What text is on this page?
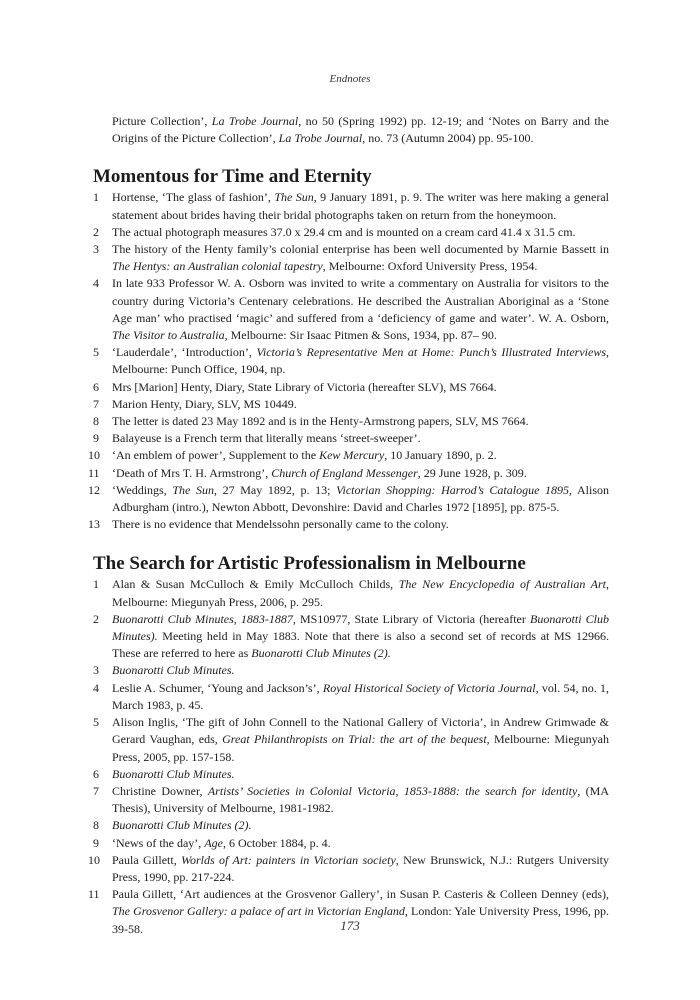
Endnotes

Picture Collection’, La Trobe Journal, no 50 (Spring 1992) pp. 12-19; and ‘Notes on Barry and the Origins of the Picture Collection’, La Trobe Journal, no. 73 (Autumn 2004) pp. 95-100.

Momentous for Time and Eternity
1	Hortense, ‘The glass of fashion’, The Sun, 9 January 1891, p. 9. The writer was here making a general statement about brides having their bridal photographs taken on return from the honeymoon.
2	The actual photograph measures 37.0 x 29.4 cm and is mounted on a cream card 41.4 x 31.5 cm.
3	The history of the Henty family’s colonial enterprise has been well documented by Marnie Bassett in The Hentys: an Australian colonial tapestry, Melbourne: Oxford University Press, 1954.
4	In late 933 Professor W. A. Osborn was invited to write a commentary on Australia for visitors to the country during Victoria’s Centenary celebrations. He described the Australian Aboriginal as a ‘Stone Age man’ who practised ‘magic’ and suffered from a ‘deficiency of game and water’. W. A. Osborn, The Visitor to Australia, Melbourne: Sir Isaac Pitmen & Sons, 1934, pp. 87– 90.
5	‘Lauderdale’, ‘Introduction’, Victoria’s Representative Men at Home: Punch’s Illustrated Interviews, Melbourne: Punch Office, 1904, np.
6	Mrs [Marion] Henty, Diary, State Library of Victoria (hereafter SLV), MS 7664.
7	Marion Henty, Diary, SLV, MS 10449.
8	The letter is dated 23 May 1892 and is in the Henty-Armstrong papers, SLV, MS 7664.
9	Balayeuse is a French term that literally means ‘street-sweeper’.
10 ‘An emblem of power’, Supplement to the Kew Mercury, 10 January 1890, p. 2.
11 ‘Death of Mrs T. H. Armstrong’, Church of England Messenger, 29 June 1928, p. 309.
12 ‘Weddings, The Sun, 27 May 1892, p. 13; Victorian Shopping: Harrod’s Catalogue 1895, Alison Adburgham (intro.), Newton Abbott, Devonshire: David and Charles 1972 [1895], pp. 875-5.
13 There is no evidence that Mendelssohn personally came to the colony.
The Search for Artistic Professionalism in Melbourne
1	Alan & Susan McCulloch & Emily McCulloch Childs, The New Encyclopedia of Australian Art, Melbourne: Miegunyah Press, 2006, p. 295.
2	Buonarotti Club Minutes, 1883-1887, MS10977, State Library of Victoria (hereafter Buonarotti Club Minutes). Meeting held in May 1883. Note that there is also a second set of records at MS 12966. These are referred to here as Buonarotti Club Minutes (2).
3	Buonarotti Club Minutes.
4	Leslie A. Schumer, ‘Young and Jackson’s’, Royal Historical Society of Victoria Journal, vol. 54, no. 1, March 1983, p. 45.
5	Alison Inglis, ‘The gift of John Connell to the National Gallery of Victoria’, in Andrew Grimwade & Gerard Vaughan, eds, Great Philanthropists on Trial: the art of the bequest, Melbourne: Miegunyah Press, 2005, pp. 157-158.
6	Buonarotti Club Minutes.
7	Christine Downer, Artists’ Societies in Colonial Victoria, 1853-1888: the search for identity, (MA Thesis), University of Melbourne, 1981-1982.
8	Buonarotti Club Minutes (2).
9	‘News of the day’, Age, 6 October 1884, p. 4.
10 Paula Gillett, Worlds of Art: painters in Victorian society, New Brunswick, N.J.: Rutgers University Press, 1990, pp. 217-224.
11 Paula Gillett, ‘Art audiences at the Grosvenor Gallery’, in Susan P. Casteris & Colleen Denney (eds), The Grosvenor Gallery: a palace of art in Victorian England, London: Yale University Press, 1996, pp. 39-58.	173
